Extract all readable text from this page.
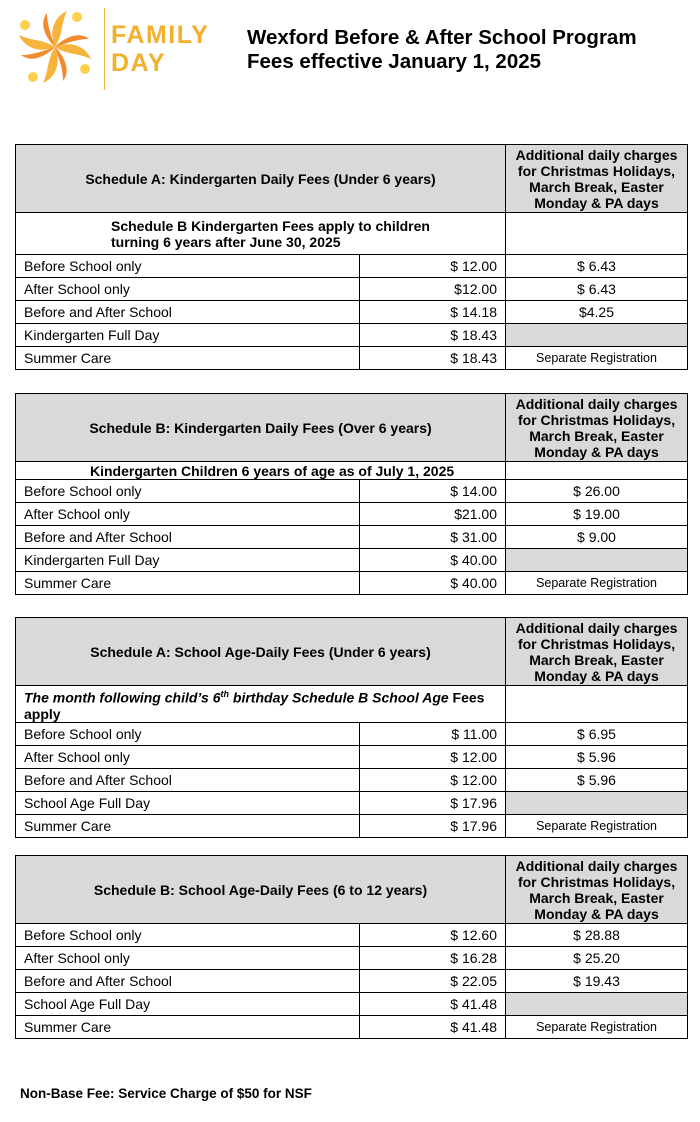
FAMILY
DAY
Wexford Before & After School Program
Fees effective January 1, 2025
Schedule A: Kindergarten Daily Fees (Under 6 years)		Additional daily charges
for Christmas Holidays,
March Break, Easter
Monday & PA days

Schedule B Kindergarten Fees apply to children
turning 6 years after June 30, 2025		

Before School only	$ 12.00	$ 6.43
After School only	$12.00	$ 6.43
Before and After School	$ 14.18	$4.25
Kindergarten Full Day	$ 18.43	
Summer Care	$ 18.43	Separate Registration
Schedule B: Kindergarten Daily Fees (Over 6 years)		Additional daily charges
for Christmas Holidays,
March Break, Easter
Monday & PA days

Kindergarten Children 6 years of age as of July 1, 2025		
Before School only	$ 14.00	$ 26.00
After School only	$21.00	$ 19.00
Before and After School	$ 31.00	$ 9.00
Kindergarten Full Day	$ 40.00	
Summer Care	$ 40.00	Separate Registration
Schedule A: School Age-Daily Fees (Under 6 years)		Additional daily charges
for Christmas Holidays,
March Break, Easter
Monday & PA days

The month following child’s 6th birthday Schedule B School Age Fees
apply		

Before School only	$ 11.00	$ 6.95
After School only	$ 12.00	$ 5.96
Before and After School	$ 12.00	$ 5.96
School Age Full Day	$ 17.96	
Summer Care	$ 17.96	Separate Registration
Schedule B: School Age-Daily Fees (6 to 12 years)		Additional daily charges
for Christmas Holidays,
March Break, Easter
Monday & PA days

Before School only	$ 12.60	$ 28.88
After School only	$ 16.28	$ 25.20
Before and After School	$ 22.05	$ 19.43
School Age Full Day	$ 41.48	
Summer Care	$ 41.48	Separate Registration
Non-Base Fee: Service Charge of $50 for NSF
